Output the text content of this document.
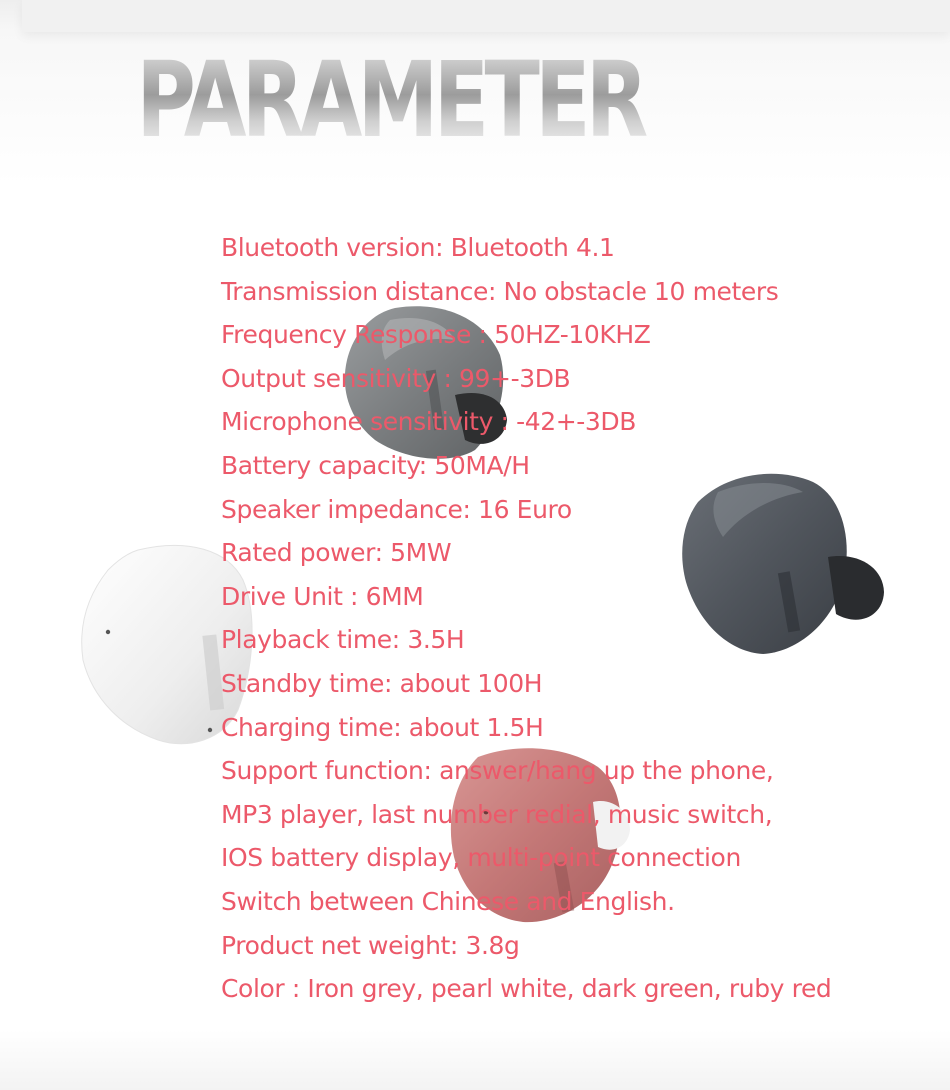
PARAMETER
Bluetooth version: Bluetooth 4.1
Transmission distance: No obstacle 10 meters
Frequency Response : 50HZ-10KHZ
Output sensitivity : 99+-3DB
Microphone sensitivity : -42+-3DB
Battery capacity: 50MA/H
Speaker impedance: 16 Euro
Rated power: 5MW
Drive Unit : 6MM
Playback time: 3.5H
Standby time: about 100H
Charging time: about 1.5H
Support function: answer/hang up the phone,
MP3 player, last number redial, music switch,
IOS battery display, multi-point connection
Switch between Chinese and English.
Product net weight: 3.8g
Color : Iron grey, pearl white, dark green, ruby red
